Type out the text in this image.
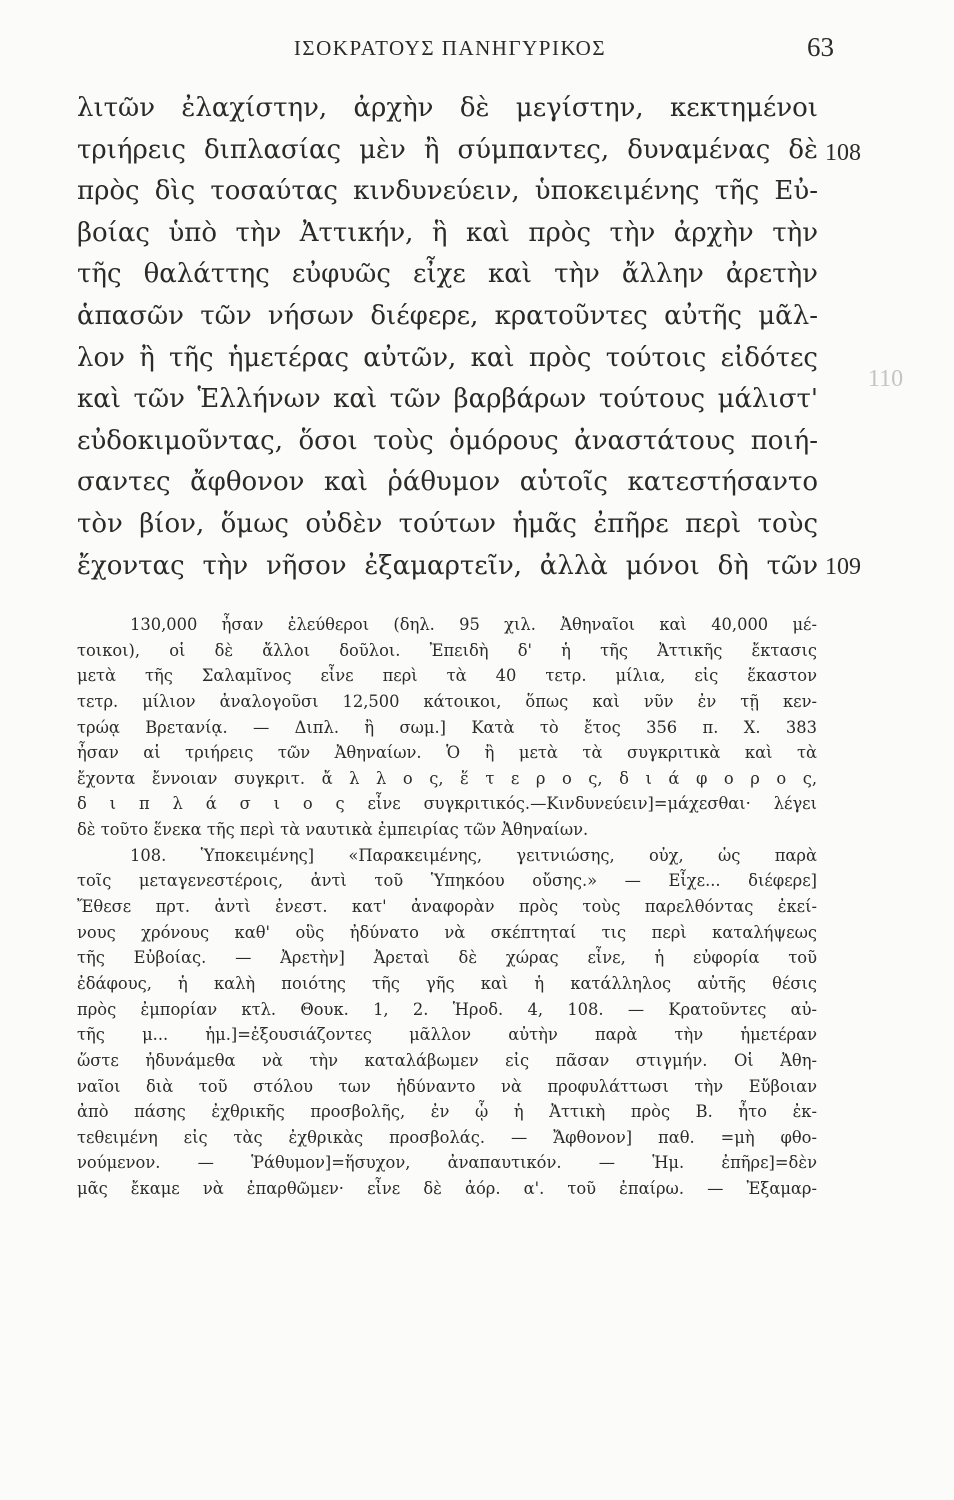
ΙΣΟΚΡΑΤΟΥΣ ΠΑΝΗΓΥΡΙΚΟΣ	63
λιτῶν ἐλαχίστην, ἀρχὴν δὲ μεγίστην, κεκτημένοι
τριήρεις διπλασίας μὲν ἢ σύμπαντες, δυναμένας δὲ
πρὸς δὶς τοσαύτας κινδυνεύειν, ὑποκειμένης τῆς Εὐ-
βοίας ὑπὸ τὴν Ἀττικήν, ἣ καὶ πρὸς τὴν ἀρχὴν τὴν
τῆς θαλάττης εὐφυῶς εἶχε καὶ τὴν ἄλλην ἀρετὴν
ἁπασῶν τῶν νήσων διέφερε, κρατοῦντες αὐτῆς μᾶλ-
λον ἢ τῆς ἡμετέρας αὐτῶν, καὶ πρὸς τούτοις εἰδότες
καὶ τῶν Ἑλλήνων καὶ τῶν βαρβάρων τούτους μάλιστ'
εὐδοκιμοῦντας, ὅσοι τοὺς ὁμόρους ἀναστάτους ποιή-
σαντες ἄφθονον καὶ ῥάθυμον αὑτοῖς κατεστήσαντο
τὸν βίον, ὅμως οὐδὲν τούτων ἡμᾶς ἐπῆρε περὶ τοὺς
ἔχοντας τὴν νῆσον ἐξαμαρτεῖν, ἀλλὰ μόνοι δὴ τῶν
108
110
109
130,000 ἦσαν ἐλεύθεροι (δηλ. 95 χιλ. Ἀθηναῖοι καὶ 40,000 μέ-
τοικοι), οἱ δὲ ἄλλοι δοῦλοι. Ἐπειδὴ δ' ἡ τῆς Ἀττικῆς ἔκτασις
μετὰ τῆς Σαλαμῖνος εἶνε περὶ τὰ 40 τετρ. μίλια, εἰς ἕκαστον
τετρ. μίλιον ἀναλογοῦσι 12,500 κάτοικοι, ὅπως καὶ νῦν ἐν τῇ κεν-
τρώᾳ Βρετανίᾳ. — Διπλ. ἢ σωμ.] Κατὰ τὸ ἔτος 356 π. Χ. 383
ἦσαν αἱ τριήρεις τῶν Ἀθηναίων. Ὁ ἢ μετὰ τὰ συγκριτικὰ καὶ τὰ
ἔχοντα ἔννοιαν συγκριτ. ἄ λ λ ο ς, ἕ τ ε ρ ο ς, δ ι ά φ ο ρ ο ς,
δ ι π λ ά σ ι ο ς εἶνε συγκριτικός.—Κινδυνεύειν]=μάχεσθαι· λέγει
δὲ τοῦτο ἕνεκα τῆς περὶ τὰ ναυτικὰ ἐμπειρίας τῶν Ἀθηναίων.
108. Ὑποκειμένης] «Παρακειμένης, γειτνιώσης, οὐχ, ὡς παρὰ
τοῖς μεταγενεστέροις, ἀντὶ τοῦ Ὑπηκόου οὔσης.» — Εἶχε... διέφερε]
Ἔθεσε πρτ. ἀντὶ ἐνεστ. κατ' ἀναφορὰν πρὸς τοὺς παρελθόντας ἐκεί-
νους χρόνους καθ' οὓς ἠδύνατο νὰ σκέπτηταί τις περὶ καταλήψεως
τῆς Εὐβοίας. — Ἀρετὴν] Ἀρεταὶ δὲ χώρας εἶνε, ἡ εὐφορία τοῦ
ἐδάφους, ἡ καλὴ ποιότης τῆς γῆς καὶ ἡ κατάλληλος αὐτῆς θέσις
πρὸς ἐμπορίαν κτλ. Θουκ. 1, 2. Ἡροδ. 4, 108. — Κρατοῦντες αὐ-
τῆς μ... ἡμ.]=ἐξουσιάζοντες μᾶλλον αὐτὴν παρὰ τὴν ἡμετέραν
ὥστε ἠδυνάμεθα νὰ τὴν καταλάβωμεν εἰς πᾶσαν στιγμήν. Οἱ Ἀθη-
ναῖοι διὰ τοῦ στόλου των ἠδύναντο νὰ προφυλάττωσι τὴν Εὔβοιαν
ἀπὸ πάσης ἐχθρικῆς προσβολῆς, ἐν ᾧ ἡ Ἀττικὴ πρὸς Β. ἦτο ἐκ-
τεθειμένη εἰς τὰς ἐχθρικὰς προσβολάς. — Ἄφθονον] παθ. =μὴ φθο-
νούμενον. — Ῥάθυμον]=ἥσυχον, ἀναπαυτικόν. — Ἡμ. ἐπῆρε]=δὲν
μᾶς ἔκαμε νὰ ἐπαρθῶμεν· εἶνε δὲ ἀόρ. α'. τοῦ ἐπαίρω. — Ἐξαμαρ-
